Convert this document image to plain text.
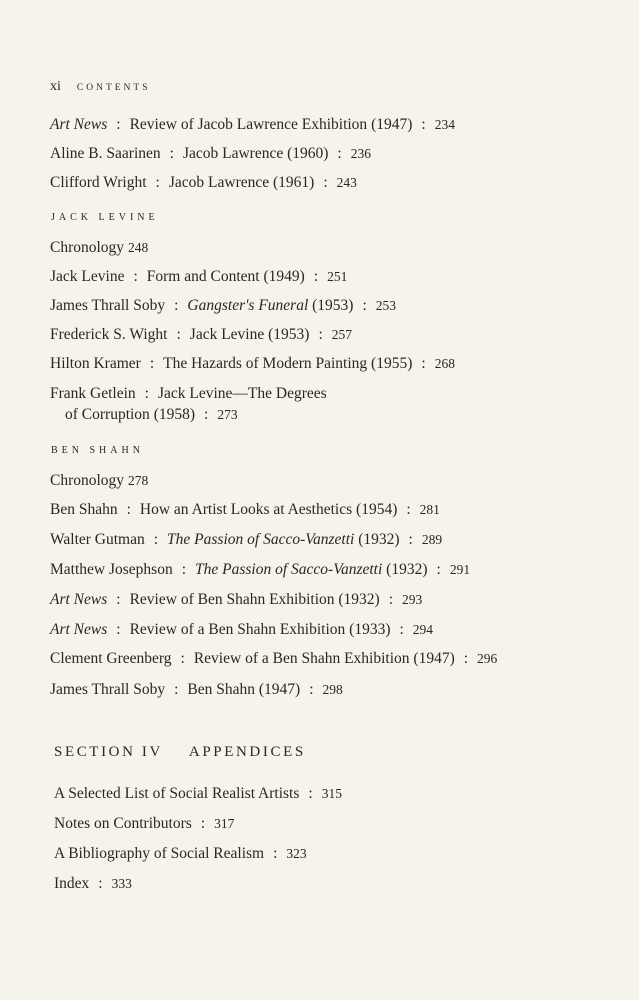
xi CONTENTS
Art News : Review of Jacob Lawrence Exhibition (1947) : 234
Aline B. Saarinen : Jacob Lawrence (1960) : 236
Clifford Wright : Jacob Lawrence (1961) : 243
JACK LEVINE
Chronology 248
Jack Levine : Form and Content (1949) : 251
James Thrall Soby : Gangster's Funeral (1953) : 253
Frederick S. Wight : Jack Levine (1953) : 257
Hilton Kramer : The Hazards of Modern Painting (1955) : 268
Frank Getlein : Jack Levine—The Degrees
of Corruption (1958) : 273
BEN SHAHN
Chronology 278
Ben Shahn : How an Artist Looks at Aesthetics (1954) : 281
Walter Gutman : The Passion of Sacco-Vanzetti (1932) : 289
Matthew Josephson : The Passion of Sacco-Vanzetti (1932) : 291
Art News : Review of Ben Shahn Exhibition (1932) : 293
Art News : Review of a Ben Shahn Exhibition (1933) : 294
Clement Greenberg : Review of a Ben Shahn Exhibition (1947) : 296
James Thrall Soby : Ben Shahn (1947) : 298
SECTION IV APPENDICES
A Selected List of Social Realist Artists : 315
Notes on Contributors : 317
A Bibliography of Social Realism : 323
Index : 333
